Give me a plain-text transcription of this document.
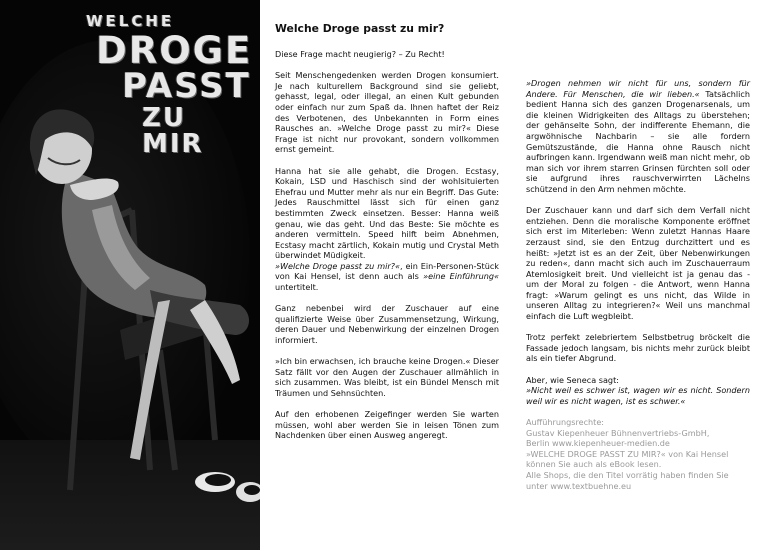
WELCHE
DROGE
PASST
ZU MIR
Welche Droge passt zu mir?

Diese Frage macht neugierig? – Zu Recht!

Seit Menschengedenken werden Drogen konsumiert. Je nach kulturellem Background sind sie geliebt, gehasst, legal, oder illegal, an einen Kult gebunden oder einfach nur zum Spaß da. Ihnen haftet der Reiz des Verbotenen, des Unbekannten in Form eines Rausches an. »Welche Droge passt zu mir?« Diese Frage ist nicht nur provokant, sondern vollkommen ernst gemeint.

Hanna hat sie alle gehabt, die Drogen. Ecstasy, Kokain, LSD und Haschisch sind der wohlsituierten Ehefrau und Mutter mehr als nur ein Begriff. Das Gute: Jedes Rauschmittel lässt sich für einen ganz bestimmten Zweck einsetzen. Besser: Hanna weiß genau, wie das geht. Und das Beste: Sie möchte es anderen vermitteln. Speed hilft beim Abnehmen, Ecstasy macht zärtlich, Kokain mutig und Crystal Meth überwindet Müdigkeit.
»Welche Droge passt zu mir?«, ein Ein-Personen-Stück von Kai Hensel, ist denn auch als »eine Einführung« untertitelt.

Ganz nebenbei wird der Zuschauer auf eine qualifizierte Weise über Zusammensetzung, Wirkung, deren Dauer und Nebenwirkung der einzelnen Drogen informiert.

»Ich bin erwachsen, ich brauche keine Drogen.« Dieser Satz fällt vor den Augen der Zuschauer allmählich in sich zusammen. Was bleibt, ist ein Bündel Mensch mit Träumen und Sehnsüchten.

Auf den erhobenen Zeigefinger werden Sie warten müssen, wohl aber werden Sie in leisen Tönen zum Nachdenken über einen Ausweg angeregt.

»Drogen nehmen wir nicht für uns, sondern für Andere. Für Menschen, die wir lieben.« Tatsächlich bedient Hanna sich des ganzen Drogenarsenals, um die kleinen Widrigkeiten des Alltags zu überstehen; der gehänselte Sohn, der indifferente Ehemann, die argwöhnische Nachbarin – sie alle fordern Gemütszustände, die Hanna ohne Rausch nicht aufbringen kann. Irgendwann weiß man nicht mehr, ob man sich vor ihrem starren Grinsen fürchten soll oder sie aufgrund ihres rauschverwirrten Lächelns schützend in den Arm nehmen möchte.

Der Zuschauer kann und darf sich dem Verfall nicht entziehen. Denn die moralische Komponente eröffnet sich erst im Miterleben: Wenn zuletzt Hannas Haare zerzaust sind, sie den Entzug durchzittert und es heißt: »Jetzt ist es an der Zeit, über Nebenwirkungen zu reden«, dann macht sich auch im Zuschauerraum Atemlosigkeit breit. Und vielleicht ist ja genau das - um der Moral zu folgen - die Antwort, wenn Hanna fragt: »Warum gelingt es uns nicht, das Wilde in unseren Alltag zu integrieren?« Weil uns manchmal einfach die Luft wegbleibt.

Trotz perfekt zelebriertem Selbstbetrug bröckelt die Fassade jedoch langsam, bis nichts mehr zurück bleibt als ein tiefer Abgrund.

Aber, wie Seneca sagt:
»Nicht weil es schwer ist, wagen wir es nicht. Sondern weil wir es nicht wagen, ist es schwer.«

Aufführungsrechte:
Gustav Kiepenheuer Bühnenvertriebs-GmbH,
Berlin www.kiepenheuer-medien.de
»WELCHE DROGE PASST ZU MIR?« von Kai Hensel
können Sie auch als eBook lesen.
Alle Shops, die den Titel vorrätig haben finden Sie
unter www.textbuehne.eu
